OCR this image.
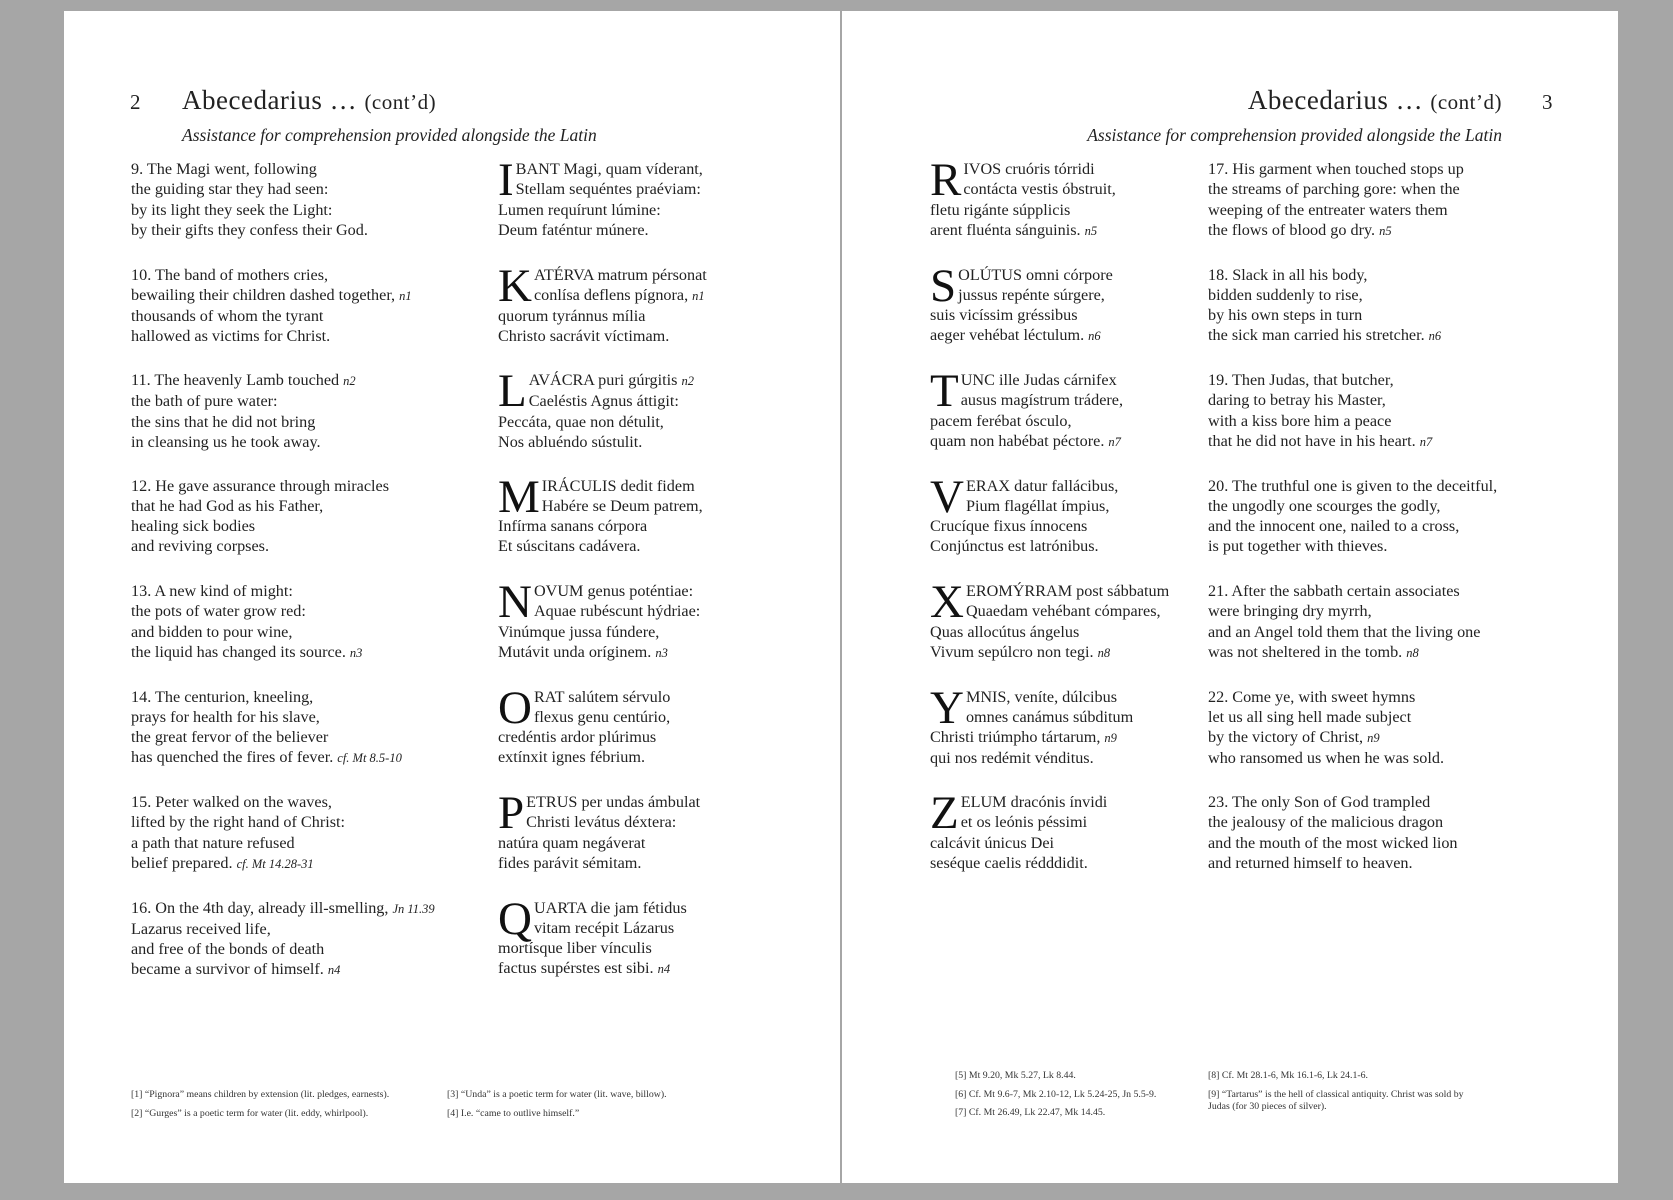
2 Abecedarius … (cont’d)
Assistance for comprehension provided alongside the Latin
9. The Magi went, following
the guiding star they had seen:
by its light they seek the Light:
by their gifts they confess their God.
I BANT Magi, quam víderant,
Stellam sequéntes praéviam:
Lumen requírunt lúmine:
Deum faténtur múnere.
10. The band of mothers cries,
bewailing their children dashed together, n1
thousands of whom the tyrant
hallowed as victims for Christ.
K ATÉRVA matrum pérsonat
conlísa deflens pígnora, n1
quorum tyránnus mília
Christo sacrávit víctimam.
11. The heavenly Lamb touched n2
the bath of pure water:
the sins that he did not bring
in cleansing us he took away.
L AVÁCRA puri gúrgitis n2
Caeléstis Agnus áttigit:
Peccáta, quae non détulit,
Nos abluéndo sústulit.
12. He gave assurance through miracles
that he had God as his Father,
healing sick bodies
and reviving corpses.
M IRÁCULIS dedit fidem
Habére se Deum patrem,
Infírma sanans córpora
Et súscitans cadávera.
13. A new kind of might:
the pots of water grow red:
and bidden to pour wine,
the liquid has changed its source. n3
N OVUM genus poténtiae:
Aquae rubéscunt hýdriae:
Vinúmque jussa fúndere,
Mutávit unda oríginem. n3
14. The centurion, kneeling,
prays for health for his slave,
the great fervor of the believer
has quenched the fires of fever. cf. Mt 8.5-10
O RAT salútem sérvulo
flexus genu centúrio,
credéntis ardor plúrimus
extínxit ignes fébrium.
15. Peter walked on the waves,
lifted by the right hand of Christ:
a path that nature refused
belief prepared. cf. Mt 14.28-31
P ETRUS per undas ámbulat
Christi levátus déxtera:
natúra quam negáverat
fides parávit sémitam.
16. On the 4th day, already ill-smelling, Jn 11.39
Lazarus received life,
and free of the bonds of death
became a survivor of himself. n4
Q UARTA die jam fétidus
vitam recépit Lázarus
mortísque liber vínculis
factus supérstes est sibi. n4
[1] “Pignora” means children by extension (lit. pledges, earnests).
[2] “Gurges” is a poetic term for water (lit. eddy, whirlpool).
[3] “Unda” is a poetic term for water (lit. wave, billow).
[4] I.e. “came to outlive himself.”
Abecedarius … (cont’d) 3
Assistance for comprehension provided alongside the Latin
R IVOS cruóris tórridi
contácta vestis óbstruit,
fletu rigánte súpplicis
arent fluénta sánguinis. n5
17. His garment when touched stops up
the streams of parching gore: when the
weeping of the entreater waters them
the flows of blood go dry. n5
S OLÚTUS omni córpore
jussus repénte súrgere,
suis vicíssim gréssibus
aeger vehébat léctulum. n6
18. Slack in all his body,
bidden suddenly to rise,
by his own steps in turn
the sick man carried his stretcher. n6
T UNC ille Judas cárnifex
ausus magístrum trádere,
pacem ferébat ósculo,
quam non habébat péctore. n7
19. Then Judas, that butcher,
daring to betray his Master,
with a kiss bore him a peace
that he did not have in his heart. n7
V ERAX datur fallácibus,
Pium flagéllat ímpius,
Crucíque fixus ínnocens
Conjúnctus est latrónibus.
20. The truthful one is given to the deceitful,
the ungodly one scourges the godly,
and the innocent one, nailed to a cross,
is put together with thieves.
X EROMÝRRAM post sábbatum
Quaedam vehébant cómpares,
Quas allocútus ángelus
Vivum sepúlcro non tegi. n8
21. After the sabbath certain associates
were bringing dry myrrh,
and an Angel told them that the living one
was not sheltered in the tomb. n8
Y MNIS, veníte, dúlcibus
omnes canámus súbditum
Christi triúmpho tártarum, n9
qui nos redémit vénditus.
22. Come ye, with sweet hymns
let us all sing hell made subject
by the victory of Christ, n9
who ransomed us when he was sold.
Z ELUM dracónis ínvidi
et os leónis péssimi
calcávit únicus Dei
seséque caelis rédddidit.
23. The only Son of God trampled
the jealousy of the malicious dragon
and the mouth of the most wicked lion
and returned himself to heaven.
[5] Mt 9.20, Mk 5.27, Lk 8.44.
[6] Cf. Mt 9.6-7, Mk 2.10-12, Lk 5.24-25, Jn 5.5-9.
[7] Cf. Mt 26.49, Lk 22.47, Mk 14.45.
[8] Cf. Mt 28.1-6, Mk 16.1-6, Lk 24.1-6.
[9] “Tartarus” is the hell of classical antiquity. Christ was sold by Judas (for 30 pieces of silver).
